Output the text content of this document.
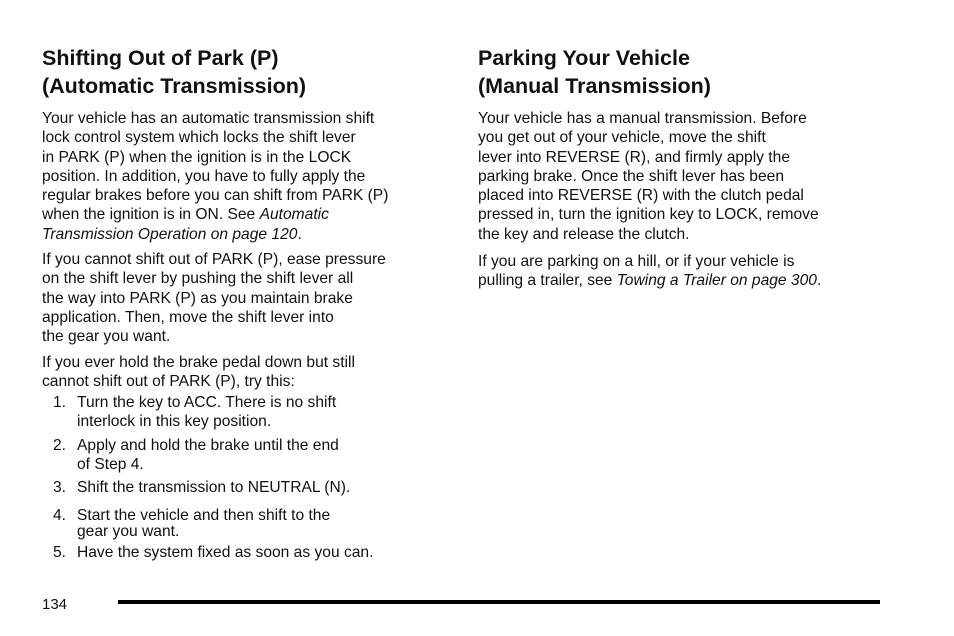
Shifting Out of Park (P)
(Automatic Transmission)

Your vehicle has an automatic transmission shift
lock control system which locks the shift lever
in PARK (P) when the ignition is in the LOCK
position. In addition, you have to fully apply the
regular brakes before you can shift from PARK (P)
when the ignition is in ON. See Automatic
Transmission Operation on page 120.

If you cannot shift out of PARK (P), ease pressure
on the shift lever by pushing the shift lever all
the way into PARK (P) as you maintain brake
application. Then, move the shift lever into
the gear you want.

If you ever hold the brake pedal down but still
cannot shift out of PARK (P), try this:

1. Turn the key to ACC. There is no shift
interlock in this key position.
2. Apply and hold the brake until the end
of Step 4.
3. Shift the transmission to NEUTRAL (N).
4. Start the vehicle and then shift to the
gear you want.
5. Have the system fixed as soon as you can.
Parking Your Vehicle
(Manual Transmission)

Your vehicle has a manual transmission. Before
you get out of your vehicle, move the shift
lever into REVERSE (R), and firmly apply the
parking brake. Once the shift lever has been
placed into REVERSE (R) with the clutch pedal
pressed in, turn the ignition key to LOCK, remove
the key and release the clutch.

If you are parking on a hill, or if your vehicle is
pulling a trailer, see Towing a Trailer on page 300.

134
